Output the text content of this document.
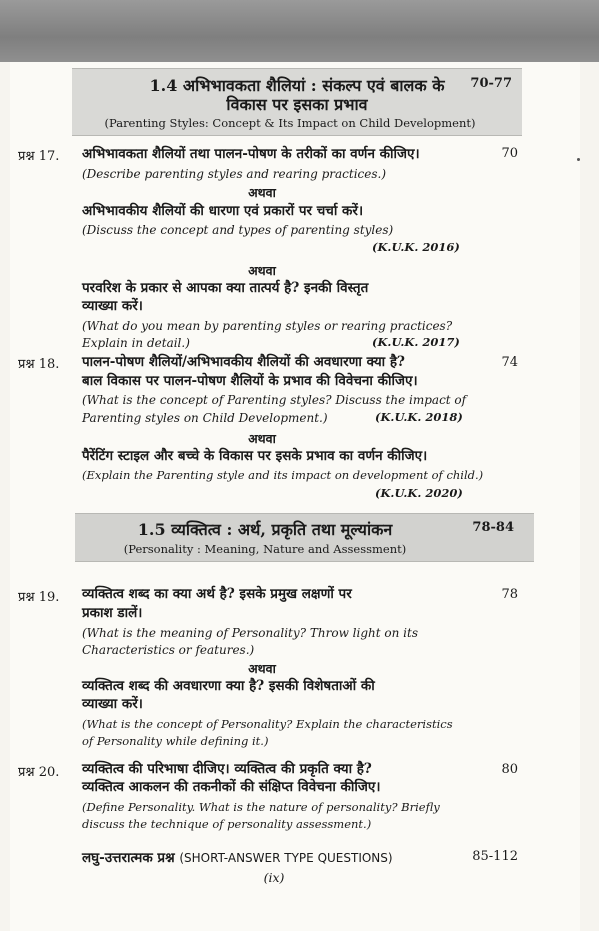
1.4 अभिभावकता शैलियां : संकल्प एवं बालक के
विकास पर इसका प्रभाव
(Parenting Styles: Concept & Its Impact on Child Development)
70-77
प्रश्न 17. अभिभावकता शैलियों तथा पालन-पोषण के तरीकों का वर्णन कीजिए।	70
(Describe parenting styles and rearing practices.)
अथवा
अभिभावकीय शैलियों की धारणा एवं प्रकारों पर चर्चा करें।
(Discuss the concept and types of parenting styles)
(K.U.K. 2016)
अथवा
परवरिश के प्रकार से आपका क्या तात्पर्य है? इनकी विस्तृत
व्याख्या करें।
(What do you mean by parenting styles or rearing practices?
Explain in detail.)	(K.U.K. 2017)
प्रश्न 18. पालन-पोषण शैलियों/अभिभावकीय शैलियों की अवधारणा क्या है?	74
बाल विकास पर पालन-पोषण शैलियों के प्रभाव की विवेचना कीजिए।
(What is the concept of Parenting styles? Discuss the impact of
Parenting styles on Child Development.)	(K.U.K. 2018)
अथवा
पैरेंटिंग स्टाइल और बच्चे के विकास पर इसके प्रभाव का वर्णन कीजिए।
(Explain the Parenting style and its impact on development of child.)
(K.U.K. 2020)
1.5 व्यक्तित्व : अर्थ, प्रकृति तथा मूल्यांकन
(Personality : Meaning, Nature and Assessment)
78-84
प्रश्न 19. व्यक्तित्व शब्द का क्या अर्थ है? इसके प्रमुख लक्षणों पर	78
प्रकाश डालें।
(What is the meaning of Personality? Throw light on its
Characteristics or features.)
अथवा
व्यक्तित्व शब्द की अवधारणा क्या है? इसकी विशेषताओं की
व्याख्या करें।
(What is the concept of Personality? Explain the characteristics
of Personality while defining it.)
प्रश्न 20. व्यक्तित्व की परिभाषा दीजिए। व्यक्तित्व की प्रकृति क्या है?	80
व्यक्तित्व आकलन की तकनीकों की संक्षिप्त विवेचना कीजिए।
(Define Personality. What is the nature of personality? Briefly
discuss the technique of personality assessment.)
लघु-उत्तरात्मक प्रश्न (SHORT-ANSWER TYPE QUESTIONS)	85-112
(ix)
